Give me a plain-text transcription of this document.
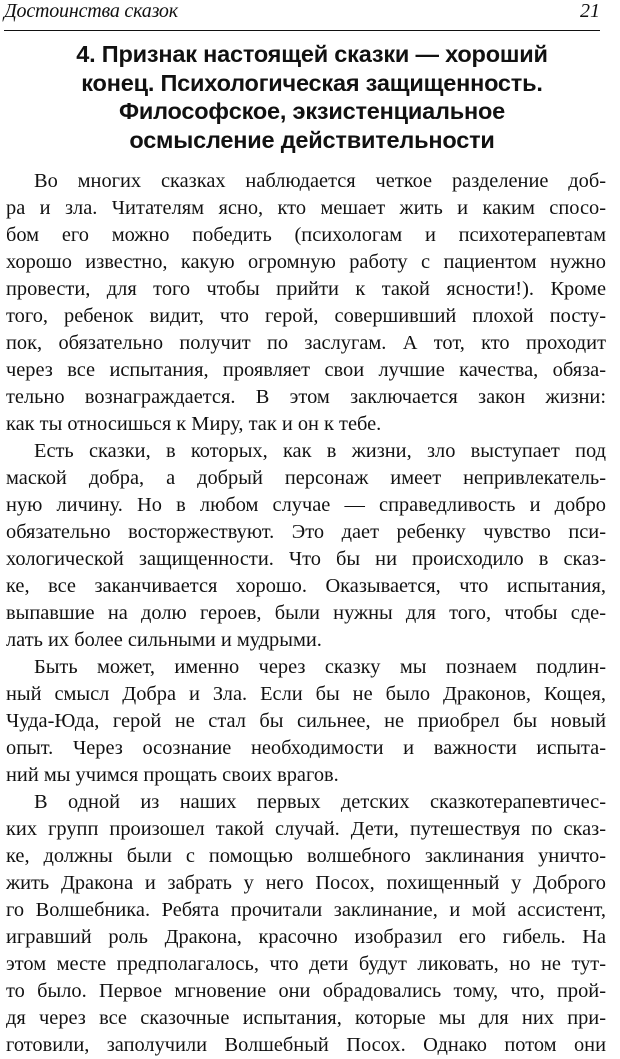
Достоинства сказок	21
4. Признак настоящей сказки — хороший
конец. Психологическая защищенность.
Философское, экзистенциальное
осмысление действительности
Во многих сказках наблюдается четкое разделение доб-
ра и зла. Читателям ясно, кто мешает жить и каким спосо-
бом его можно победить (психологам и психотерапевтам
хорошо известно, какую огромную работу с пациентом нужно
провести, для того чтобы прийти к такой ясности!). Кроме
того, ребенок видит, что герой, совершивший плохой посту-
пок, обязательно получит по заслугам. А тот, кто проходит
через все испытания, проявляет свои лучшие качества, обяза-
тельно вознаграждается. В этом заключается закон жизни:
как ты относишься к Миру, так и он к тебе.
Есть сказки, в которых, как в жизни, зло выступает под
маской добра, а добрый персонаж имеет непривлекатель-
ную личину. Но в любом случае — справедливость и добро
обязательно восторжествуют. Это дает ребенку чувство пси-
хологической защищенности. Что бы ни происходило в сказ-
ке, все заканчивается хорошо. Оказывается, что испытания,
выпавшие на долю героев, были нужны для того, чтобы сде-
лать их более сильными и мудрыми.
Быть может, именно через сказку мы познаем подлин-
ный смысл Добра и Зла. Если бы не было Драконов, Кощея,
Чуда-Юда, герой не стал бы сильнее, не приобрел бы новый
опыт. Через осознание необходимости и важности испыта-
ний мы учимся прощать своих врагов.
В одной из наших первых детских сказкотерапевтичес-
ких групп произошел такой случай. Дети, путешествуя по сказ-
ке, должны были с помощью волшебного заклинания уничто-
жить Дракона и забрать у него Посох, похищенный у Доброго
го Волшебника. Ребята прочитали заклинание, и мой ассистент,
игравший роль Дракона, красочно изобразил его гибель. На
этом месте предполагалось, что дети будут ликовать, но не тут-
то было. Первое мгновение они обрадовались тому, что, прой-
дя через все сказочные испытания, которые мы для них при-
готовили, заполучили Волшебный Посох. Однако потом они
